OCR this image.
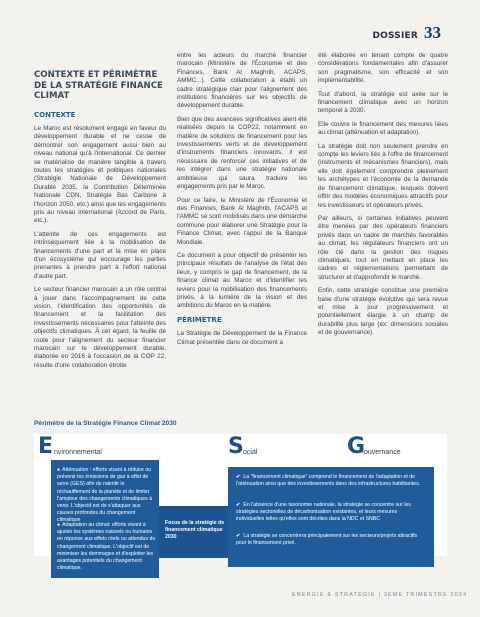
DOSSIER 33
CONTEXTE ET PÉRIMÈTRE DE LA STRATÉGIE FINANCE CLIMAT
CONTEXTE

Le Maroc est résolument engagé en faveur du développement durable et ne cesse de démontrer son engagement aussi bien au niveau national qu'à l'international. Ce dernier se matérialise de manière tangible à travers toutes les stratégies et politiques nationales (Stratégie Nationale de Développement Durable 2035, la Contribution Déterminée Nationale CDN, Stratégie Bas Carbone à l'horizon 2050, etc.) ainsi que les engagements pris au niveau international (Accord de Paris, etc.).

L'atteinte de ces engagements est intrinsèquement liée à la mobilisation de financements d'une part et la mise en place d'un écosystème qui encourage les parties prenantes à prendre part à l'effort national d'autre part.

Le secteur financier marocain a un rôle central à jouer dans l'accompagnement de cette vision, l'identification des opportunités de financement et la facilitation des investissements nécessaires pour l'atteinte des objectifs climatiques. À cet égard, la feuille de route pour l'alignement du secteur financier marocain sur le développement durable, élaborée en 2016 à l'occasion de la COP 22, résulte d'une collaboration étroite

entre les acteurs du marché financier marocain (Ministère de l'Économie et des Finances, Bank Al Maghrib, ACAPS, AMMC...). Cette collaboration a établi un cadre stratégique clair pour l'alignement des institutions financières sur les objectifs de développement durable.

Bien que des avancées significatives aient été réalisées depuis la COP22, notamment en matière de solutions de financement pour les investissements verts et de développement d'instruments financiers innovants, il est nécessaire de renforcer ces initiatives et de les intégrer dans une stratégie nationale ambitieuse qui saura traduire les engagements pris par le Maroc.

Pour ce faire, le Ministère de l'Économie et des Finances, Bank Al Maghrib, l'ACAPS et l'AMMC se sont mobilisés dans une démarche commune pour élaborer une Stratégie pour la Finance Climat, avec l'appui de la Banque Mondiale.

Ce document a pour objectif de présenter les principaux résultats de l'analyse de l'état des lieux, y compris le gap de financement, de la finance climat au Maroc et d'identifier les leviers pour la mobilisation des financements privés, à la lumière de la vision et des ambitions du Maroc en la matière.

PÉRIMÈTRE

La Stratégie de Développement de la Finance Climat présentée dans ce document a

été élaborée en tenant compte de quatre considérations fondamentales afin d'assurer son pragmatisme, son efficacité et son implémentabilité.

Tout d'abord, la stratégie est axée sur le financement climatique avec un horizon temporel à 2030.

Elle couvre le financement des mesures liées au climat (atténuation et adaptation).

La stratégie doit non seulement prendre en compte les leviers liés à l'offre de financement (instruments et mécanismes financiers), mais elle doit également comprendre pleinement les archétypes et l'économie de la demande de financement climatique, lesquels doivent offrir des modèles économiques attractifs pour les investisseurs et opérateurs privés.

Par ailleurs, si certaines initiatives peuvent être menées par des opérateurs financiers privés dans un cadre de marchés favorables au climat, les régulateurs financiers ont un rôle clé dans la gestion des risques climatiques, tout en mettant en place les cadres et réglementations permettant de structurer et d'approfondir le marché.

Enfin, cette stratégie constitue une première base d'une stratégie évolutive qui sera revue et mise à jour progressivement et potentiellement élargie à un champ de durabilité plus large (ex: dimensions sociales et de gouvernance).

Périmètre de la Stratégie Finance Climat 2030
E nvironnemental	S ocial	G
ouvernance
● Atténuation : efforts visant à réduire ou prévenir les émissions de gaz à effet de serre (GES) afin de ralentir le réchauffement de la planète et de limiter l'ampleur des changements climatiques à venir. L'objectif est de s'attaquer aux causes profondes du changement climatique
● Adaptation au climat: efforts visant à ajuster les systèmes naturels ou humains en réponse aux effets réels ou attendus du changement climatique. L'objectif est de minimiser les dommages et d'exploiter les avantages potentiels du changement climatique.
Focus de la stratégie de financement climatique 2030
✔ La "financement climatique" comprend le financement de l'adaptation et de l'atténuation ainsi que des investissements dans des infrastructures habilitantes.
✔ En l'absence d'une taxonomie nationale, la stratégie se concentre sur les stratégies sectorielles de décarbonisation existantes, et leurs mesures individuelles telles qu'elles sont décrites dans la NDC et SNBC
✔ La stratégie se concentrera principalement sur les secteurs/projets attractifs pour le financement privé.
ENERGIE & STRATÉGIE | 3ÈME TRIMESTRE 2024
